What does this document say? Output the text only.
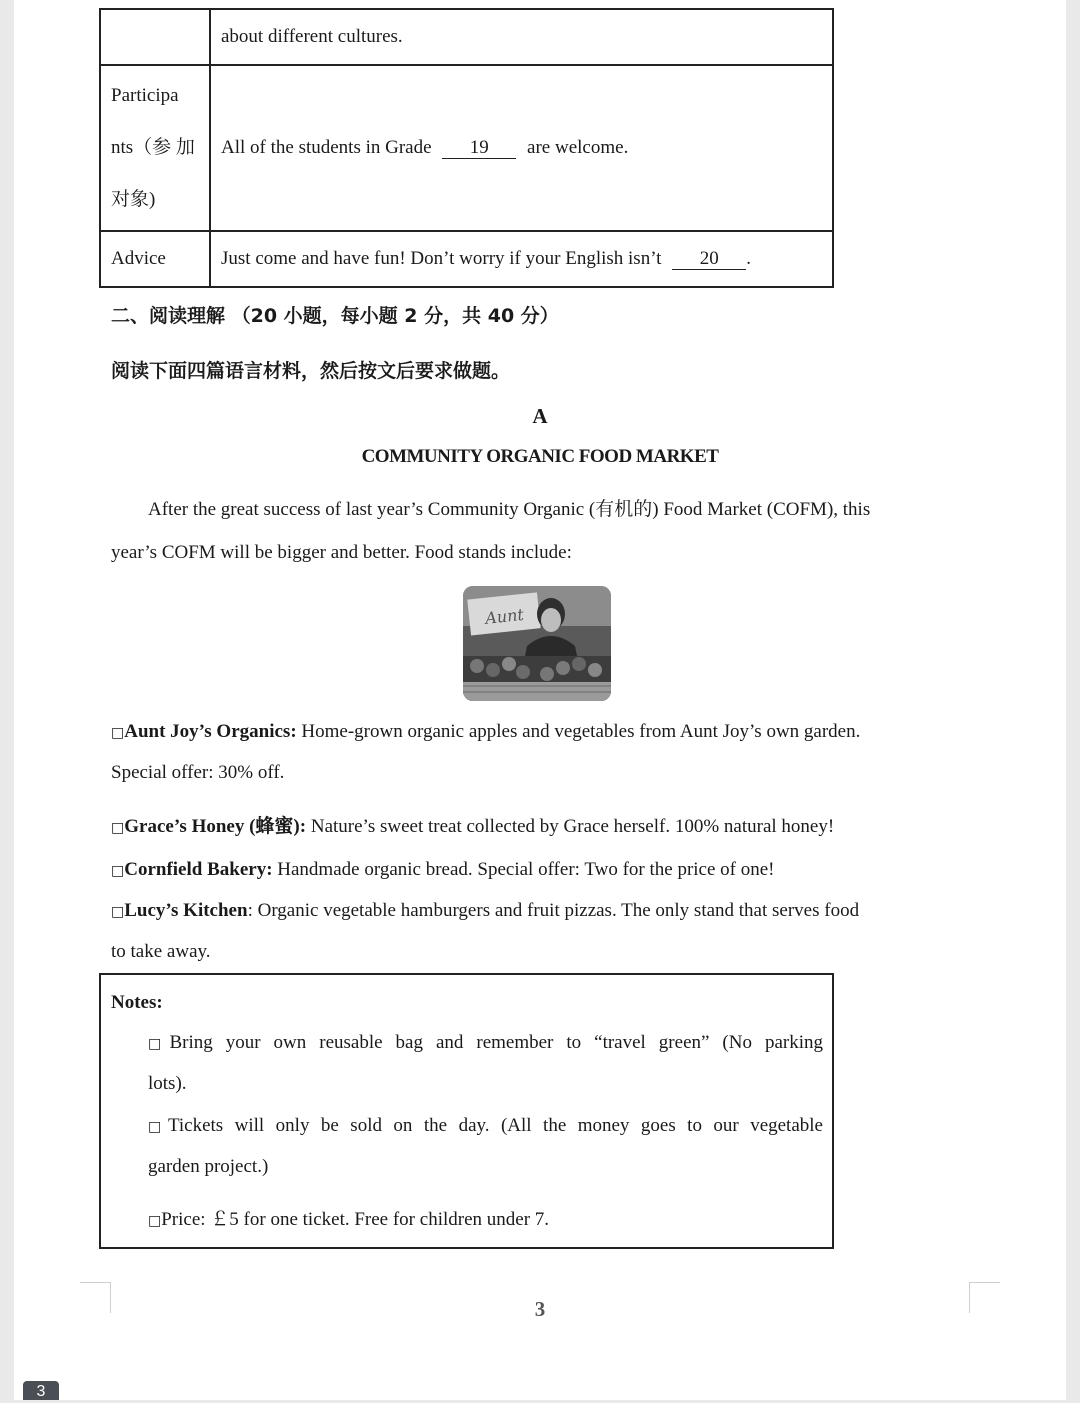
	about different cultures.

Participa
nts（参 加
对象)	All of the students in Grade 19 are welcome.
Advice	Just come and have fun! Don’t worry if your English isn’t 20 .
二、阅读理解 （20 小题，每小题 2 分，共 40 分）
阅读下面四篇语言材料，然后按文后要求做题。
A
COMMUNITY ORGANIC FOOD MARKET
After the great success of last year’s Community Organic (有机的) Food Market (COFM), this
year’s COFM will be bigger and better. Food stands include:
Aunt
□Aunt Joy’s Organics: Home-grown organic apples and vegetables from Aunt Joy’s own garden.
Special offer: 30% off.
□Grace’s Honey (蜂蜜): Nature’s sweet treat collected by Grace herself. 100% natural honey!
□Cornfield Bakery: Handmade organic bread. Special offer: Two for the price of one!
□Lucy’s Kitchen: Organic vegetable hamburgers and fruit pizzas. The only stand that serves food
to take away.
Notes:
□Bring your own reusable bag and remember to “travel green” (No parking
lots).
□Tickets will only be sold on the day. (All the money goes to our vegetable
garden project.)
□Price: ￡5 for one ticket. Free for children under 7.
3
3
